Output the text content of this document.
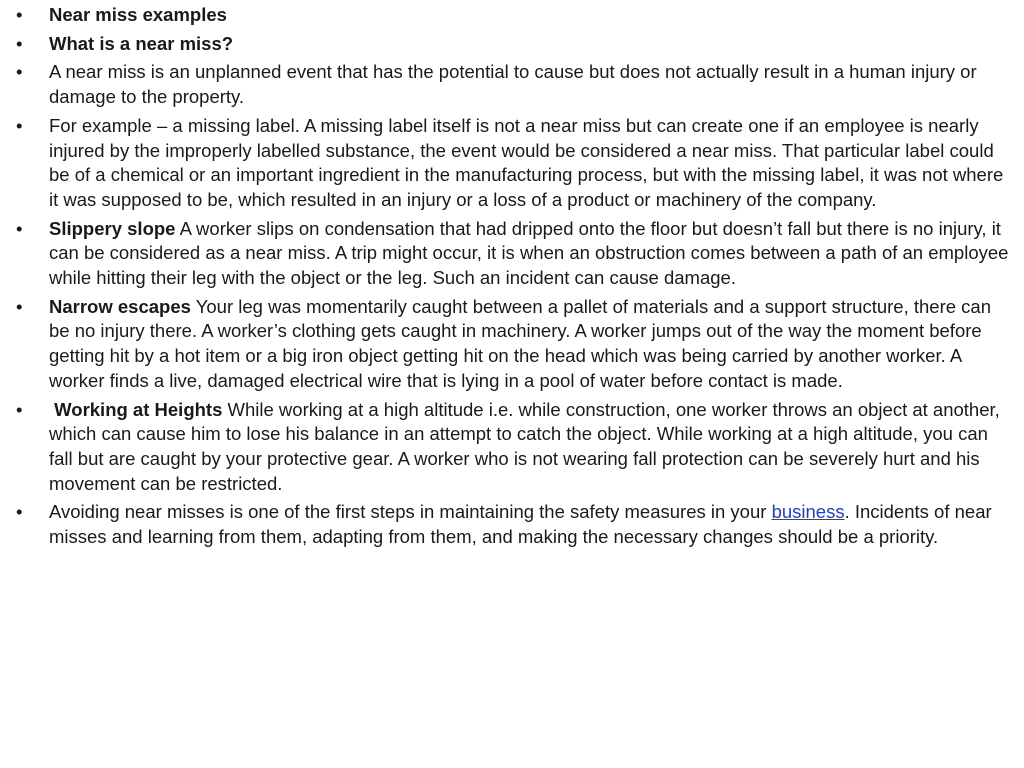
•	Near miss examples
•	What is a near miss?
•	A near miss is an unplanned event that has the potential to cause but does not actually result in a human injury or damage to the property.
•	For example – a missing label. A missing label itself is not a near miss but can create one if an employee is nearly injured by the improperly labelled substance, the event would be considered a near miss. That particular label could be of a chemical or an important ingredient in the manufacturing process, but with the missing label, it was not where it was supposed to be, which resulted in an injury or a loss of a product or machinery of the company.
•	Slippery slope A worker slips on condensation that had dripped onto the floor but doesn’t fall but there is no injury, it can be considered as a near miss. A trip might occur, it is when an obstruction comes between a path of an employee while hitting their leg with the object or the leg. Such an incident can cause damage.
•	Narrow escapes Your leg was momentarily caught between a pallet of materials and a support structure, there can be no injury there. A worker’s clothing gets caught in machinery. A worker jumps out of the way the moment before getting hit by a hot item or a big iron object getting hit on the head which was being carried by another worker. A worker finds a live, damaged electrical wire that is lying in a pool of water before contact is made.
•	Working at Heights While working at a high altitude i.e. while construction, one worker throws an object at another, which can cause him to lose his balance in an attempt to catch the object. While working at a high altitude, you can fall but are caught by your protective gear. A worker who is not wearing fall protection can be severely hurt and his movement can be restricted.
•	Avoiding near misses is one of the first steps in maintaining the safety measures in your business. Incidents of near misses and learning from them, adapting from them, and making the necessary changes should be a priority.
